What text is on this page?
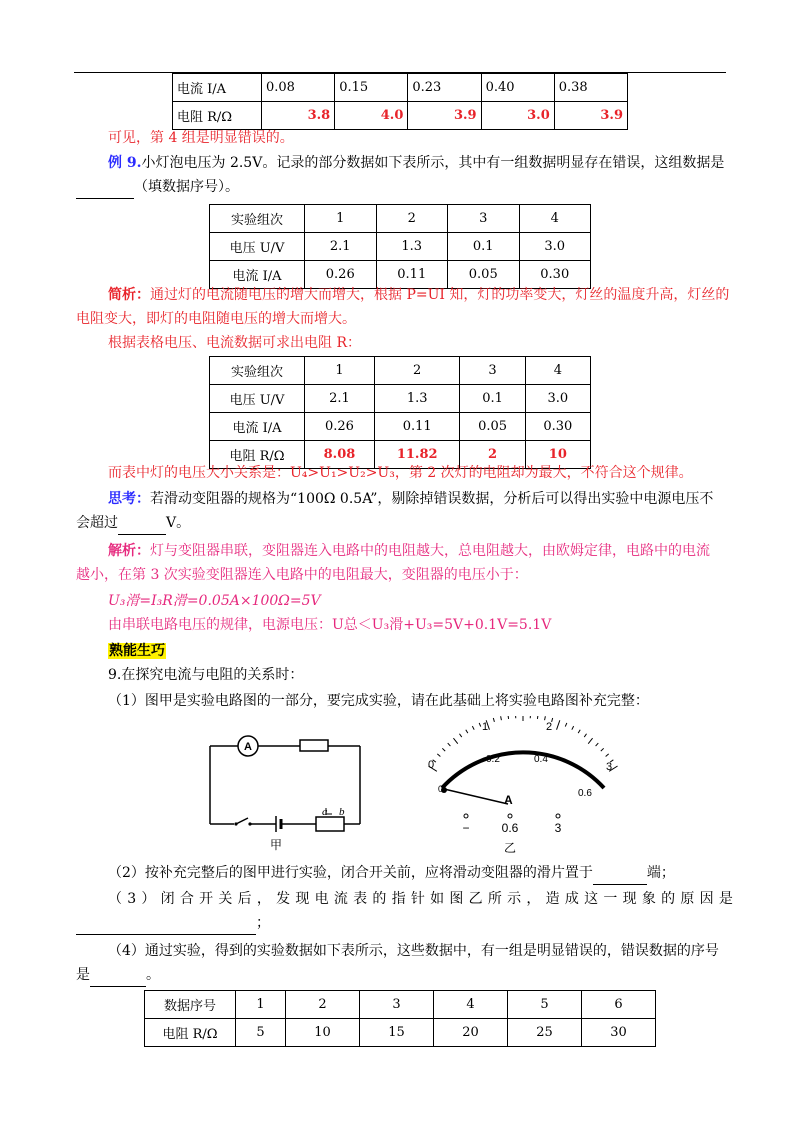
电流 I/A	0.08	0.15	0.23	0.40	0.38
电阻 R/Ω	3.8	4.0	3.9	3.0	3.9
可见，第 4 组是明显错误的。
例 9.小灯泡电压为 2.5V。记录的部分数据如下表所示，其中有一组数据明显存在错误，这组数据是
（填数据序号）。
实验组次	1	2	3	4
电压 U/V	2.1	1.3	0.1	3.0
电流 I/A	0.26	0.11	0.05	0.30
简析：通过灯的电流随电压的增大而增大，根据 P=UI 知，灯的功率变大，灯丝的温度升高，灯丝的
电阻变大，即灯的电阻随电压的增大而增大。
根据表格电压、电流数据可求出电阻 R：
实验组次	1	2	3	4
电压 U/V	2.1	1.3	0.1	3.0
电流 I/A	0.26	0.11	0.05	0.30
电阻 R/Ω	8.08	11.82	2	10
而表中灯的电压大小关系是：U₄>U₁>U₂>U₃，第 2 次灯的电阻却为最大，不符合这个规律。
思考：若滑动变阻器的规格为“100Ω 0.5A”，剔除掉错误数据，分析后可以得出实验中电源电压不
会超过	V。
解析：灯与变阻器串联，变阻器连入电路中的电阻越大，总电阻越大，由欧姆定律，电路中的电流
越小，在第 3 次实验变阻器连入电路中的电阻最大，变阻器的电压小于：
U₃滑=I₃R滑=0.05A×100Ω=5V
由串联电路电压的规律，电源电压：U总＜U₃滑+U₃=5V+0.1V=5.1V
熟能生巧
9.在探究电流与电阻的关系时：
（1）图甲是实验电路图的一部分，要完成实验，请在此基础上将实验电路图补充完整：
A
a b
甲
0
1	2
3
0
0.2	0.4
0.6
A
−	0.6	3
乙
（2）按补充完整后的图甲进行实验，闭合开关前，应将滑动变阻器的滑片置于	端；
（ 3 ） 闭 合 开 关 后 ， 发 现 电 流 表 的 指 针 如 图 乙 所 示 ， 造 成 这 一 现 象 的 原 因 是
；
（4）通过实验，得到的实验数据如下表所示，这些数据中，有一组是明显错误的，错误数据的序号
是	。
数据序号	1	2	3	4	5	6
电阻 R/Ω	5	10	15	20	25	30
